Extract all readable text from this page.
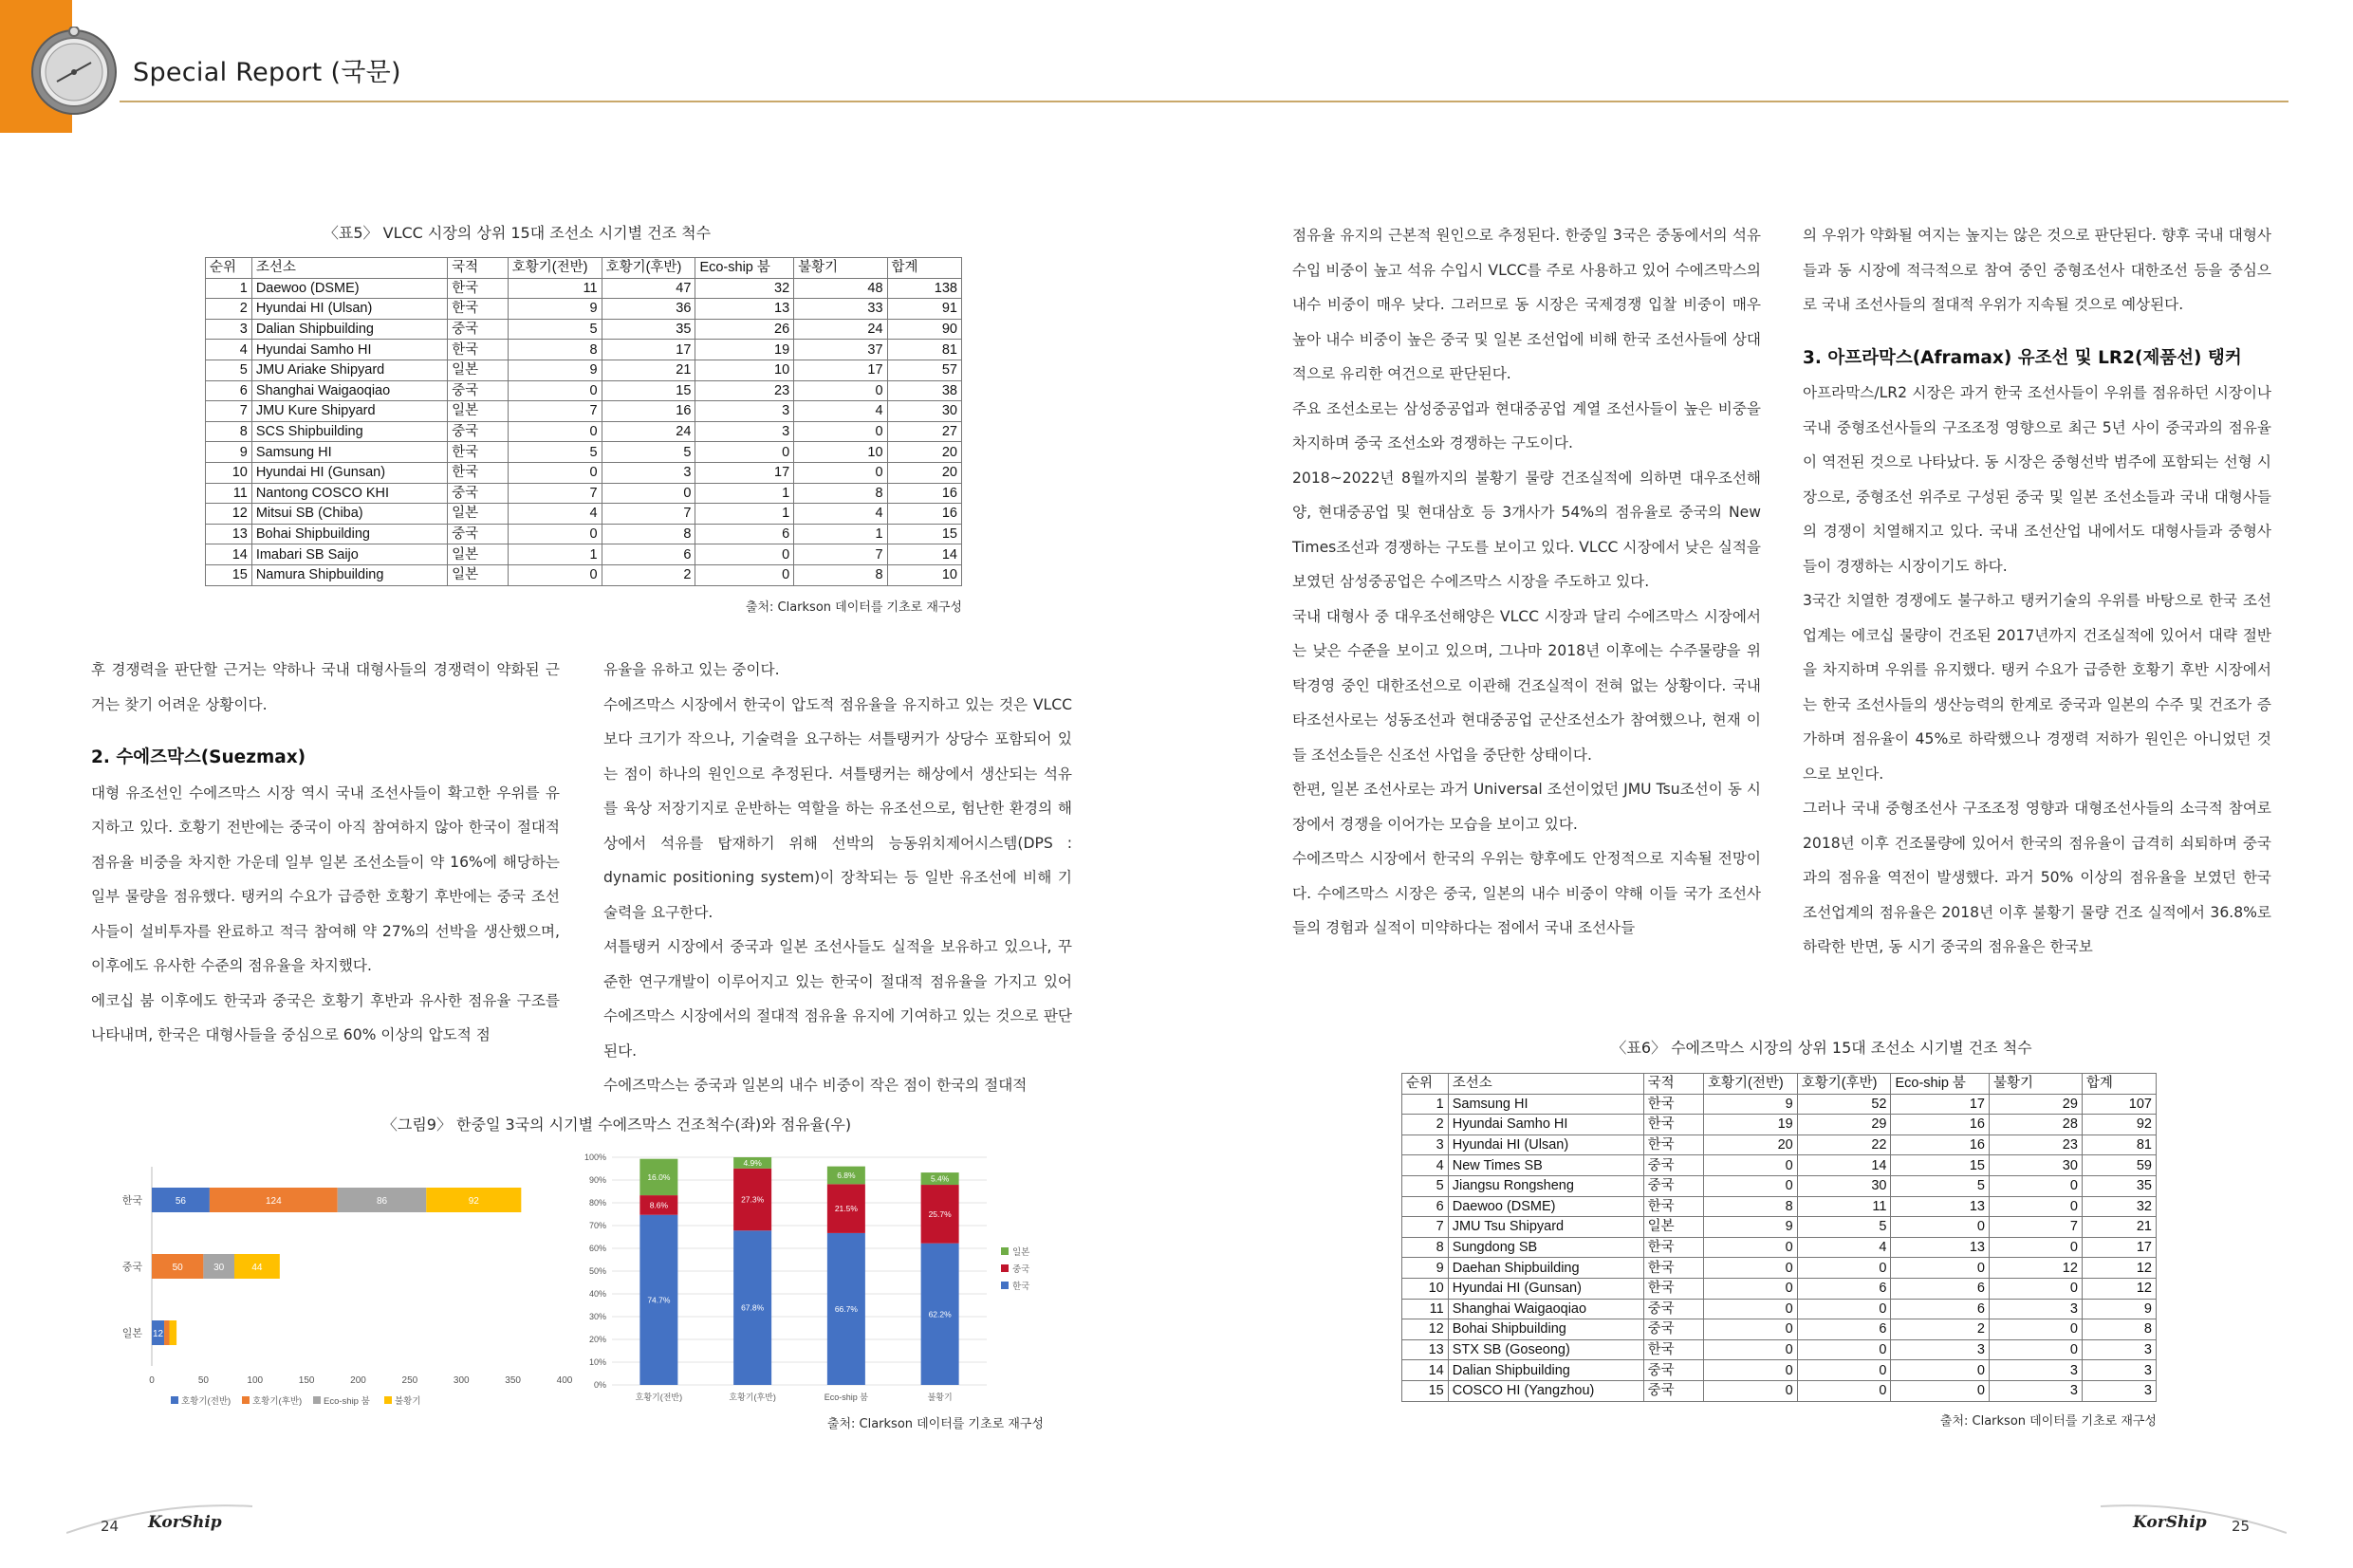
Special Report (국문)
〈표5〉 VLCC 시장의 상위 15대 조선소 시기별 건조 척수
순위	조선소	국적	호황기(전반)	호황기(후반)	Eco-ship 붐	불황기	합계
1	Daewoo (DSME)	한국	11	47	32	48	138
2	Hyundai HI (Ulsan)	한국	9	36	13	33	91
3	Dalian Shipbuilding	중국	5	35	26	24	90
4	Hyundai Samho HI	한국	8	17	19	37	81
5	JMU Ariake Shipyard	일본	9	21	10	17	57
6	Shanghai Waigaoqiao	중국	0	15	23	0	38
7	JMU Kure Shipyard	일본	7	16	3	4	30
8	SCS Shipbuilding	중국	0	24	3	0	27
9	Samsung HI	한국	5	5	0	10	20
10	Hyundai HI (Gunsan)	한국	0	3	17	0	20
11	Nantong COSCO KHI	중국	7	0	1	8	16
12	Mitsui SB (Chiba)	일본	4	7	1	4	16
13	Bohai Shipbuilding	중국	0	8	6	1	15
14	Imabari SB Saijo	일본	1	6	0	7	14
15	Namura Shipbuilding	일본	0	2	0	8	10
출처: Clarkson 데이터를 기초로 재구성

후 경쟁력을 판단할 근거는 약하나 국내 대형사들의 경쟁력이 약화된 근거는 찾기 어려운 상황이다.

2. 수에즈막스(Suezmax)

대형 유조선인 수에즈막스 시장 역시 국내 조선사들이 확고한 우위를 유지하고 있다. 호황기 전반에는 중국이 아직 참여하지 않아 한국이 절대적 점유율 비중을 차지한 가운데 일부 일본 조선소들이 약 16%에 해당하는 일부 물량을 점유했다. 탱커의 수요가 급증한 호황기 후반에는 중국 조선사들이 설비투자를 완료하고 적극 참여해 약 27%의 선박을 생산했으며, 이후에도 유사한 수준의 점유율을 차지했다.

에코십 붐 이후에도 한국과 중국은 호황기 후반과 유사한 점유율 구조를 나타내며, 한국은 대형사들을 중심으로 60% 이상의 압도적 점

유율을 유하고 있는 중이다.

수에즈막스 시장에서 한국이 압도적 점유율을 유지하고 있는 것은 VLCC보다 크기가 작으나, 기술력을 요구하는 셔틀탱커가 상당수 포함되어 있는 점이 하나의 원인으로 추정된다. 셔틀탱커는 해상에서 생산되는 석유를 육상 저장기지로 운반하는 역할을 하는 유조선으로, 험난한 환경의 해상에서 석유를 탑재하기 위해 선박의 능동위치제어시스템(DPS : dynamic positioning system)이 장착되는 등 일반 유조선에 비해 기술력을 요구한다.

셔틀탱커 시장에서 중국과 일본 조선사들도 실적을 보유하고 있으나, 꾸준한 연구개발이 이루어지고 있는 한국이 절대적 점유율을 가지고 있어 수에즈막스 시장에서의 절대적 점유율 유지에 기여하고 있는 것으로 판단된다.

수에즈막스는 중국과 일본의 내수 비중이 작은 점이 한국의 절대적

〈그림9〉 한중일 3국의 시기별 수에즈막스 건조척수(좌)와 점유율(우)
0	50	100	150	200	250	300	350	400
한국	56	124	86	92
중국	50	30	44
일본 12
호황기(전반) 호황기(후반) Eco-ship 붐	불황기
0%
10%
20%
30%
40%
50%
60%
70%
80%
90%
100%
74.7%
16.0%
호황기(전반)
67.8%
27.3%
4.9%
호황기(후반)
66.7%
21.5%
6.8%
Eco-ship 붐
62.2%
25.7%
5.4%
불황기
8.6%
일본
중국
한국
출처: Clarkson 데이터를 기초로 재구성

점유율 유지의 근본적 원인으로 추정된다. 한중일 3국은 중동에서의 석유수입 비중이 높고 석유 수입시 VLCC를 주로 사용하고 있어 수에즈막스의 내수 비중이 매우 낮다. 그러므로 동 시장은 국제경쟁 입찰 비중이 매우 높아 내수 비중이 높은 중국 및 일본 조선업에 비해 한국 조선사들에 상대적으로 유리한 여건으로 판단된다.

주요 조선소로는 삼성중공업과 현대중공업 계열 조선사들이 높은 비중을 차지하며 중국 조선소와 경쟁하는 구도이다.

2018~2022년 8월까지의 불황기 물량 건조실적에 의하면 대우조선해양, 현대중공업 및 현대삼호 등 3개사가 54%의 점유율로 중국의 New Times조선과 경쟁하는 구도를 보이고 있다. VLCC 시장에서 낮은 실적을 보였던 삼성중공업은 수에즈막스 시장을 주도하고 있다.

국내 대형사 중 대우조선해양은 VLCC 시장과 달리 수에즈막스 시장에서는 낮은 수준을 보이고 있으며, 그나마 2018년 이후에는 수주물량을 위탁경영 중인 대한조선으로 이관해 건조실적이 전혀 없는 상황이다. 국내 타조선사로는 성동조선과 현대중공업 군산조선소가 참여했으나, 현재 이들 조선소들은 신조선 사업을 중단한 상태이다.

한편, 일본 조선사로는 과거 Universal 조선이었던 JMU Tsu조선이 동 시장에서 경쟁을 이어가는 모습을 보이고 있다.

수에즈막스 시장에서 한국의 우위는 향후에도 안정적으로 지속될 전망이다. 수에즈막스 시장은 중국, 일본의 내수 비중이 약해 이들 국가 조선사들의 경험과 실적이 미약하다는 점에서 국내 조선사들

의 우위가 약화될 여지는 높지는 않은 것으로 판단된다. 향후 국내 대형사들과 동 시장에 적극적으로 참여 중인 중형조선사 대한조선 등을 중심으로 국내 조선사들의 절대적 우위가 지속될 것으로 예상된다.

3. 아프라막스(Aframax) 유조선 및 LR2(제품선) 탱커

아프라막스/LR2 시장은 과거 한국 조선사들이 우위를 점유하던 시장이나 국내 중형조선사들의 구조조정 영향으로 최근 5년 사이 중국과의 점유율이 역전된 것으로 나타났다. 동 시장은 중형선박 범주에 포함되는 선형 시장으로, 중형조선 위주로 구성된 중국 및 일본 조선소들과 국내 대형사들의 경쟁이 치열해지고 있다. 국내 조선산업 내에서도 대형사들과 중형사들이 경쟁하는 시장이기도 하다.

3국간 치열한 경쟁에도 불구하고 탱커기술의 우위를 바탕으로 한국 조선업계는 에코십 물량이 건조된 2017년까지 건조실적에 있어서 대략 절반을 차지하며 우위를 유지했다. 탱커 수요가 급증한 호황기 후반 시장에서는 한국 조선사들의 생산능력의 한계로 중국과 일본의 수주 및 건조가 증가하며 점유율이 45%로 하락했으나 경쟁력 저하가 원인은 아니었던 것으로 보인다.

그러나 국내 중형조선사 구조조정 영향과 대형조선사들의 소극적 참여로 2018년 이후 건조물량에 있어서 한국의 점유율이 급격히 쇠퇴하며 중국과의 점유율 역전이 발생했다. 과거 50% 이상의 점유율을 보였던 한국 조선업계의 점유율은 2018년 이후 불황기 물량 건조 실적에서 36.8%로 하락한 반면, 동 시기 중국의 점유율은 한국보

〈표6〉 수에즈막스 시장의 상위 15대 조선소 시기별 건조 척수
순위	조선소	국적	호황기(전반)	호황기(후반)	Eco-ship 붐	불황기	합계
1	Samsung HI	한국	9	52	17	29	107
2	Hyundai Samho HI	한국	19	29	16	28	92
3	Hyundai HI (Ulsan)	한국	20	22	16	23	81
4	New Times SB	중국	0	14	15	30	59
5	Jiangsu Rongsheng	중국	0	30	5	0	35
6	Daewoo (DSME)	한국	8	11	13	0	32
7	JMU Tsu Shipyard	일본	9	5	0	7	21
8	Sungdong SB	한국	0	4	13	0	17
9	Daehan Shipbuilding	한국	0	0	0	12	12
10	Hyundai HI (Gunsan)	한국	0	6	6	0	12
11	Shanghai Waigaoqiao	중국	0	0	6	3	9
12	Bohai Shipbuilding	중국	0	6	2	0	8
13	STX SB (Goseong)	한국	0	0	3	0	3
14	Dalian Shipbuilding	중국	0	0	0	3	3
15	COSCO HI (Yangzhou)	중국	0	0	0	3	3
출처: Clarkson 데이터를 기초로 재구성
24 KorShip	KorShip 25
